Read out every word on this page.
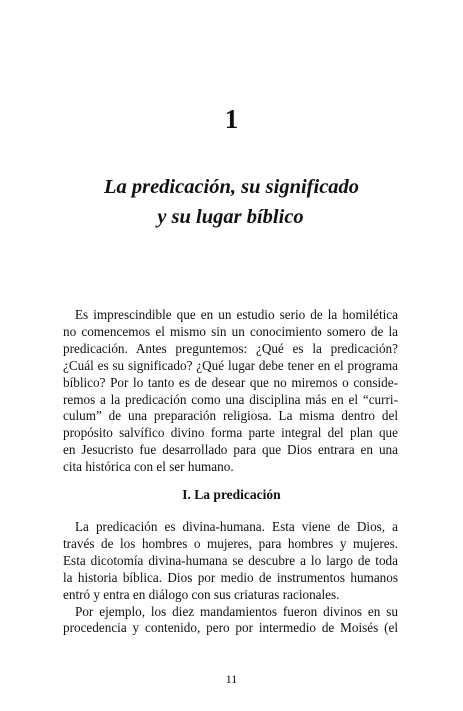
1
La predicación, su significado
y su lugar bíblico
Es imprescindible que en un estudio serio de la homilética
no comencemos el mismo sin un conocimiento somero de la
predicación. Antes preguntemos: ¿Qué es la predicación?
¿Cuál es su significado? ¿Qué lugar debe tener en el programa
bíblico? Por lo tanto es de desear que no miremos o conside-
remos a la predicación como una disciplina más en el “curri-
culum” de una preparación religiosa. La misma dentro del
propósito salvífico divino forma parte integral del plan que
en Jesucristo fue desarrollado para que Dios entrara en una
cita histórica con el ser humano.
I. La predicación
La predicación es divina-humana. Esta viene de Dios, a
través de los hombres o mujeres, para hombres y mujeres.
Esta dicotomía divina-humana se descubre a lo largo de toda
la historia bíblica. Dios por medio de instrumentos humanos
entró y entra en diálogo con sus criaturas racionales.
Por ejemplo, los diez mandamientos fueron divinos en su
procedencia y contenido, pero por intermedio de Moisés (el
11
